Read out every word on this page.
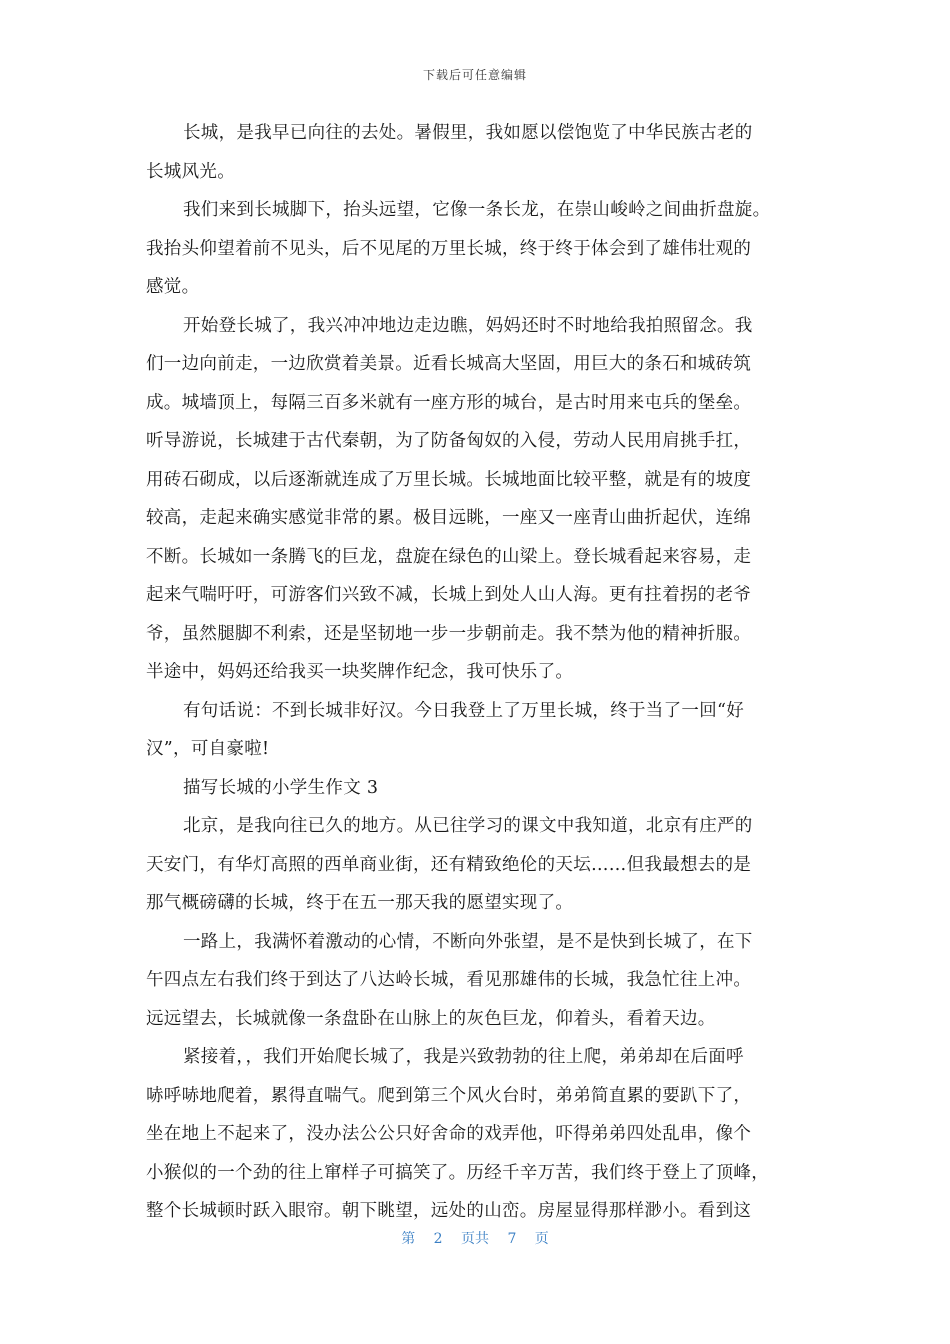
下载后可任意编辑
长城，是我早已向往的去处。暑假里，我如愿以偿饱览了中华民族古老的
长城风光。
我们来到长城脚下，抬头远望，它像一条长龙，在崇山峻岭之间曲折盘旋。
我抬头仰望着前不见头，后不见尾的万里长城，终于终于体会到了雄伟壮观的
感觉。
开始登长城了，我兴冲冲地边走边瞧，妈妈还时不时地给我拍照留念。我
们一边向前走，一边欣赏着美景。近看长城高大坚固，用巨大的条石和城砖筑
成。城墙顶上，每隔三百多米就有一座方形的城台，是古时用来屯兵的堡垒。
听导游说，长城建于古代秦朝，为了防备匈奴的入侵，劳动人民用肩挑手扛，
用砖石砌成，以后逐渐就连成了万里长城。长城地面比较平整，就是有的坡度
较高，走起来确实感觉非常的累。极目远眺，一座又一座青山曲折起伏，连绵
不断。长城如一条腾飞的巨龙，盘旋在绿色的山梁上。登长城看起来容易，走
起来气喘吁吁，可游客们兴致不减，长城上到处人山人海。更有拄着拐的老爷
爷，虽然腿脚不利索，还是坚韧地一步一步朝前走。我不禁为他的精神折服。
半途中，妈妈还给我买一块奖牌作纪念，我可快乐了。
有句话说：不到长城非好汉。今日我登上了万里长城，终于当了一回“好
汉”，可自豪啦!
描写长城的小学生作文 3
北京，是我向往已久的地方。从已往学习的课文中我知道，北京有庄严的
天安门，有华灯高照的西单商业街，还有精致绝伦的天坛……但我最想去的是
那气概磅礴的长城，终于在五一那天我的愿望实现了。
一路上，我满怀着激动的心情，不断向外张望，是不是快到长城了，在下
午四点左右我们终于到达了八达岭长城，看见那雄伟的长城，我急忙往上冲。
远远望去，长城就像一条盘卧在山脉上的灰色巨龙，仰着头，看着天边。
紧接着，，我们开始爬长城了，我是兴致勃勃的往上爬，弟弟却在后面呼
哧呼哧地爬着，累得直喘气。爬到第三个风火台时，弟弟简直累的要趴下了，
坐在地上不起来了，没办法公公只好舍命的戏弄他，吓得弟弟四处乱串，像个
小猴似的一个劲的往上窜样子可搞笑了。历经千辛万苦，我们终于登上了顶峰，
整个长城顿时跃入眼帘。朝下眺望，远处的山峦。房屋显得那样渺小。看到这
第 2 页共 7 页
